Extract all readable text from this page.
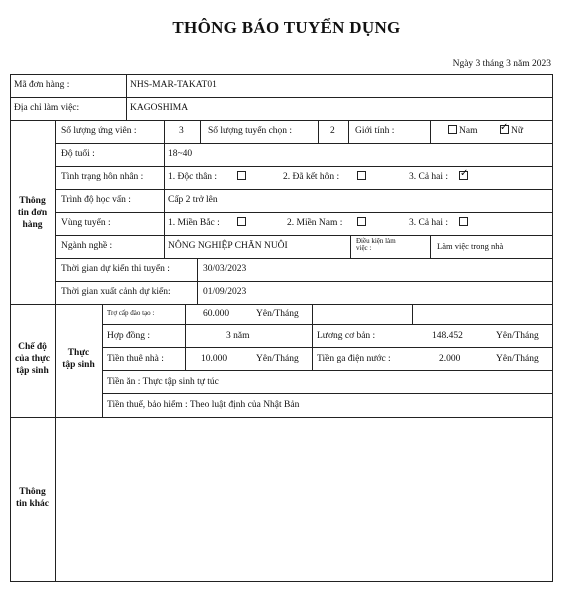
THÔNG BÁO TUYỂN DỤNG
Ngày 3 tháng 3 năm 2023
Mã đơn hàng :	NHS-MAR-TAKAT01
Địa chỉ làm việc:	KAGOSHIMA
Thông
tin đơn
hàng
Số lượng ứng viên :	3	Số lượng tuyển chọn :	2 Giới tính :	Nam ✓ Nữ
Độ tuổi :	18~40
Tình trạng hôn nhân :	1. Độc thân :	2. Đã kết hôn :	3. Cả hai : ✓
Trình độ học vấn :	Cấp 2 trở lên
Vùng tuyển :	1. Miền Bắc :	2. Miền Nam :	3. Cả hai :
Ngành nghề :	NÔNG NGHIỆP CHĂN NUÔI	Điều kiện làm
việc :	Làm việc trong nhà
Thời gian dự kiến thi tuyển :	30/03/2023
Thời gian xuất cảnh dự kiến:	01/09/2023
Chế độ
của thực
tập sinh
Thực
tập sinh
Trợ cấp đào tạo :	60.000	Yên/Tháng
Hợp đồng :	3 năm	Lương cơ bản :	148.452	Yên/Tháng
Tiền thuê nhà :	10.000	Yên/Tháng Tiền ga điện nước :	2.000	Yên/Tháng
Tiền ăn : Thực tập sinh tự túc
Tiền thuế, bảo hiểm : Theo luật định của Nhật Bản
Thông
tin khác
